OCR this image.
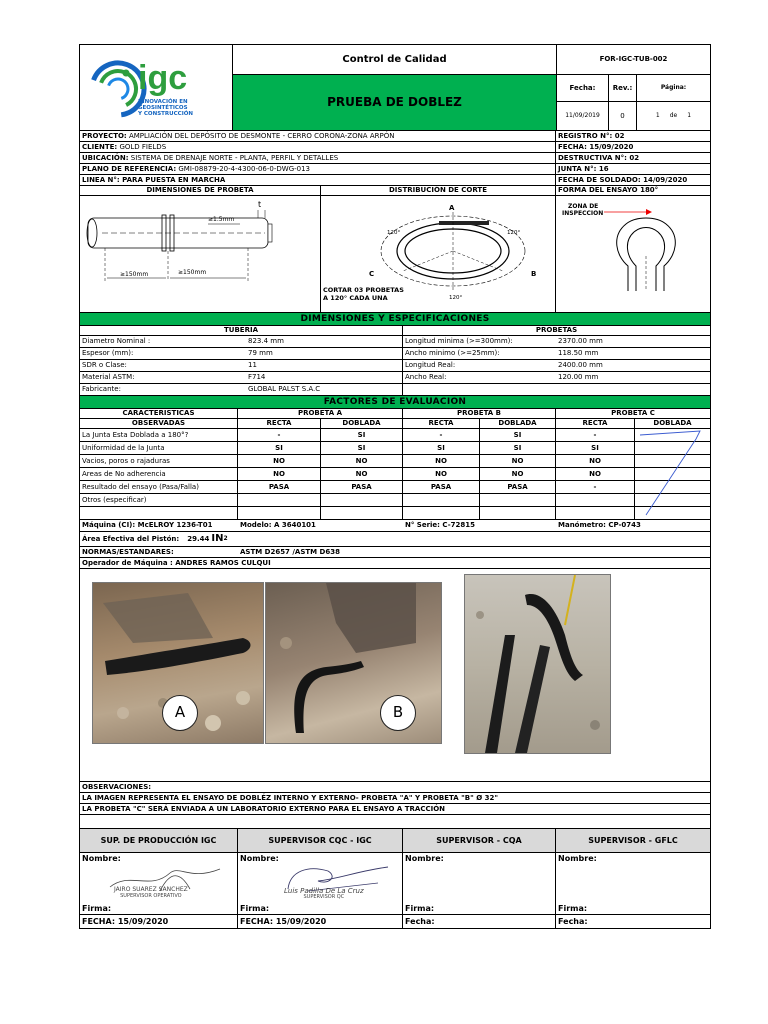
igc
INNOVACIÓN EN
GEOSINTÉTICOS
Y CONSTRUCCIÓN
Control de Calidad
PRUEBA DE DOBLEZ
FOR-IGC-TUB-002
Fecha:	Rev.:	Página:
11/09/2019	0	1 de 1
PROYECTO:
AMPLIACIÓN DEL DEPÓSITO DE DESMONTE - CERRO CORONA-ZONA ARPÓN	REGISTRO N°: 02
CLIENTE:
GOLD FIELDS	FECHA: 15/09/2020
UBICACIÓN:
SISTEMA DE DRENAJE NORTE - PLANTA, PERFIL Y DETALLES	DESTRUCTIVA N°: 02
PLANO DE REFERENCIA:
GMI-08879-20-4-4300-06-0-DWG-013	JUNTA N°: 16
LINEA N°: PARA PUESTA EN MARCHA	FECHA DE SOLDADO: 14/09/2020
DIMENSIONES DE PROBETA	DISTRIBUCIÓN DE CORTE	FORMA DEL ENSAYO 180°
t
≥1.5mm
≥150mm	≥150mm
A
B
C
120°	120°
120°
CORTAR 03 PROBETAS
A 120° CADA UNA
ZONA DE
INSPECCION
DIMENSIONES Y ESPECIFICACIONES
TUBERIA	PROBETAS
Diametro Nominal :	823.4 mm	Longitud minima (>=300mm):	2370.00 mm
Espesor (mm):	79 mm	Ancho minimo (>=25mm):	118.50 mm
SDR o Clase:	11	Longitud Real:	2400.00 mm
Material ASTM:	F714	Ancho Real:	120.00 mm
Fabricante:	GLOBAL PALST S.A.C
FACTORES DE EVALUACION
CARACTERISTICAS	PROBETA A	PROBETA B	PROBETA C
OBSERVADAS	RECTA	DOBLADA	RECTA	DOBLADA	RECTA	DOBLADA
La Junta Esta Doblada a 180°?	-	SI	-	SI	-
Uniformidad de la Junta	SI	SI	SI	SI	SI
Vacios, poros o rajaduras	NO	NO	NO	NO	NO
Areas de No adherencia	NO	NO	NO	NO	NO
Resultado del ensayo (Pasa/Falla)	PASA	PASA	PASA	PASA	-
Otros (especificar)
Máquina (CI): McELROY 1236-T01	Modelo: A 3640101	N° Serie: C-72815	Manómetro: CP-0743
Área Efectiva del Pistón: 29.44 IN 2
NORMAS/ESTANDARES:	ASTM D2657 /ASTM D638
Operador de Máquina : ANDRES RAMOS CULQUI
A	B
OBSERVACIONES:
LA IMAGEN REPRESENTA EL ENSAYO DE DOBLÉZ INTERNO Y EXTERNO- PROBETA "A" Y PROBETA "B" Ø 32"
LA PROBETA "C" SERÁ ENVIADA A UN LABORATORIO EXTERNO PARA EL ENSAYO A TRACCIÓN
SUP. DE PRODUCCIÓN IGC	SUPERVISOR CQC - IGC	SUPERVISOR - CQA	SUPERVISOR - GFLC
Nombre:
JAIRO SUAREZ SANCHEZ
SUPERVISOR OPERATIVO
Firma:
Nombre:
Luis Padilla De La Cruz
SUPERVISOR QC
Firma:
Nombre:
Firma:
Nombre:
Firma:
FECHA: 15/09/2020	FECHA: 15/09/2020	Fecha:	Fecha:
